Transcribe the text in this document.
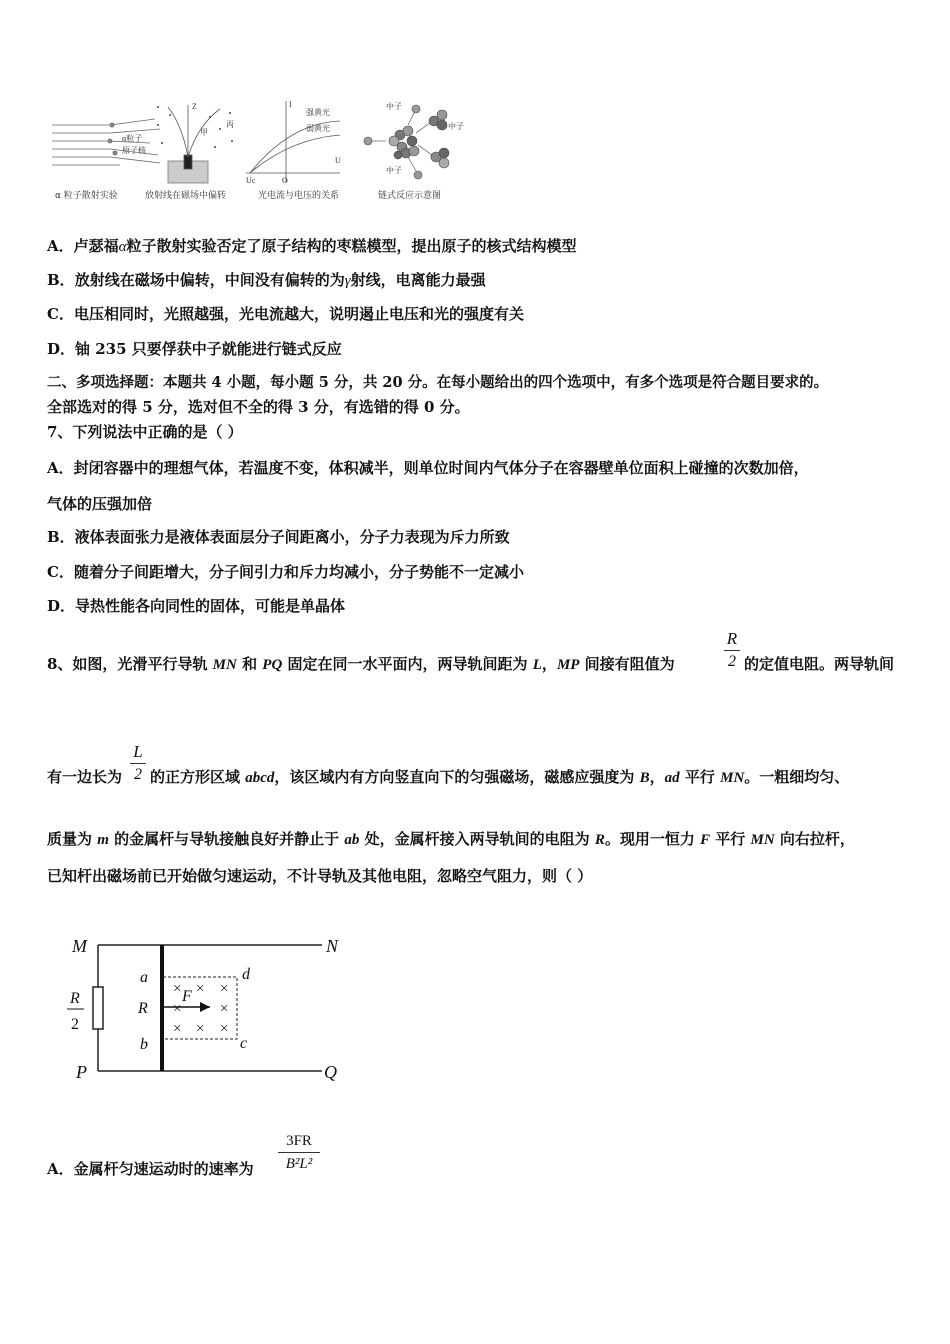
α粒子
原子核
Z
甲
丙
I
强黄光
弱黄光
U
Uc	O
中子
中子
中子
α 粒子散射实验	放射线在磁场中偏转	光电流与电压的关系	链式反应示意图
A．卢瑟福α粒子散射实验否定了原子结构的枣糕模型，提出原子的核式结构模型
B．放射线在磁场中偏转，中间没有偏转的为γ射线，电离能力最强
C．电压相同时，光照越强，光电流越大，说明遏止电压和光的强度有关
D．铀 235 只要俘获中子就能进行链式反应
二、多项选择题：本题共 4 小题，每小题 5 分，共 20 分。在每小题给出的四个选项中，有多个选项是符合题目要求的。
全部选对的得 5 分，选对但不全的得 3 分，有选错的得 0 分。
7、下列说法中正确的是（ ）
A．封闭容器中的理想气体，若温度不变，体积减半，则单位时间内气体分子在容器壁单位面积上碰撞的次数加倍，
气体的压强加倍
B．液体表面张力是液体表面层分子间距离小，分子力表现为斥力所致
C．随着分子间距增大，分子间引力和斥力均减小，分子势能不一定减小
D．导热性能各向同性的固体，可能是单晶体
8、如图，光滑平行导轨 MN 和 PQ 固定在同一水平面内，两导轨间距为 L，MP 间接有阻值为
R
2 的定值电阻。两导轨间
L
2
有一边长为 的正方形区域 abcd，该区域内有方向竖直向下的匀强磁场，磁感应强度为 B，ad 平行 MN。一粗细均匀、
质量为 m 的金属杆与导轨接触良好并静止于 ab 处，金属杆接入两导轨间的电阻为 R。现用一恒力 F 平行 MN 向右拉杆，
已知杆出磁场前已开始做匀速运动，不计导轨及其他电阻，忽略空气阻力，则（ ）
× × ×
×	×
× × ×
M	N
P	Q
a
R
b
d
c
F
R
2
A．金属杆匀速运动时的速率为
3FR
B²L²
